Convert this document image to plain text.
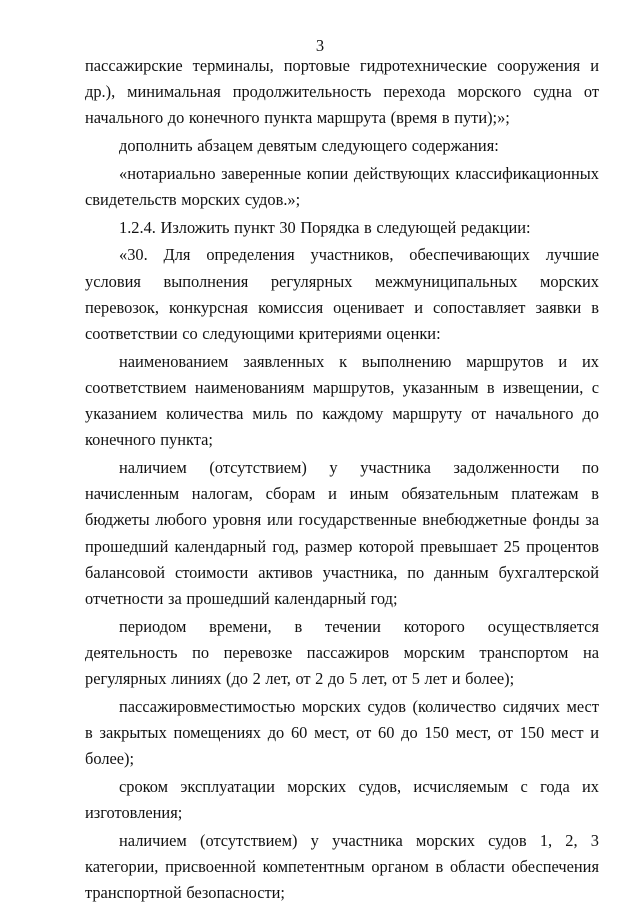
3

пассажирские терминалы, портовые гидротехнические сооружения и др.), минимальная продолжительность перехода морского судна от начального до конечного пункта маршрута (время в пути);»;

дополнить абзацем девятым следующего содержания:

«нотариально заверенные копии действующих классификационных свидетельств морских судов.»;

1.2.4. Изложить пункт 30 Порядка в следующей редакции:

«30. Для определения участников, обеспечивающих лучшие условия выполнения регулярных межмуниципальных морских перевозок, конкурсная комиссия оценивает и сопоставляет заявки в соответствии со следующими критериями оценки:

наименованием заявленных к выполнению маршрутов и их соответствием наименованиям маршрутов, указанным в извещении, с указанием количества миль по каждому маршруту от начального до конечного пункта;

наличием (отсутствием) у участника задолженности по начисленным налогам, сборам и иным обязательным платежам в бюджеты любого уровня или государственные внебюджетные фонды за прошедший календарный год, размер которой превышает 25 процентов балансовой стоимости активов участника, по данным бухгалтерской отчетности за прошедший календарный год;

периодом времени, в течении которого осуществляется деятельность по перевозке пассажиров морским транспортом на регулярных линиях (до 2 лет, от 2 до 5 лет, от 5 лет и более);

пассажировместимостью морских судов (количество сидячих мест в закрытых помещениях до 60 мест, от 60 до 150 мест, от 150 мест и более);

сроком эксплуатации морских судов, исчисляемым с года их изготовления;

наличием (отсутствием) у участника морских судов 1, 2, 3 категории, присвоенной компетентным органом в области обеспечения транспортной безопасности;
